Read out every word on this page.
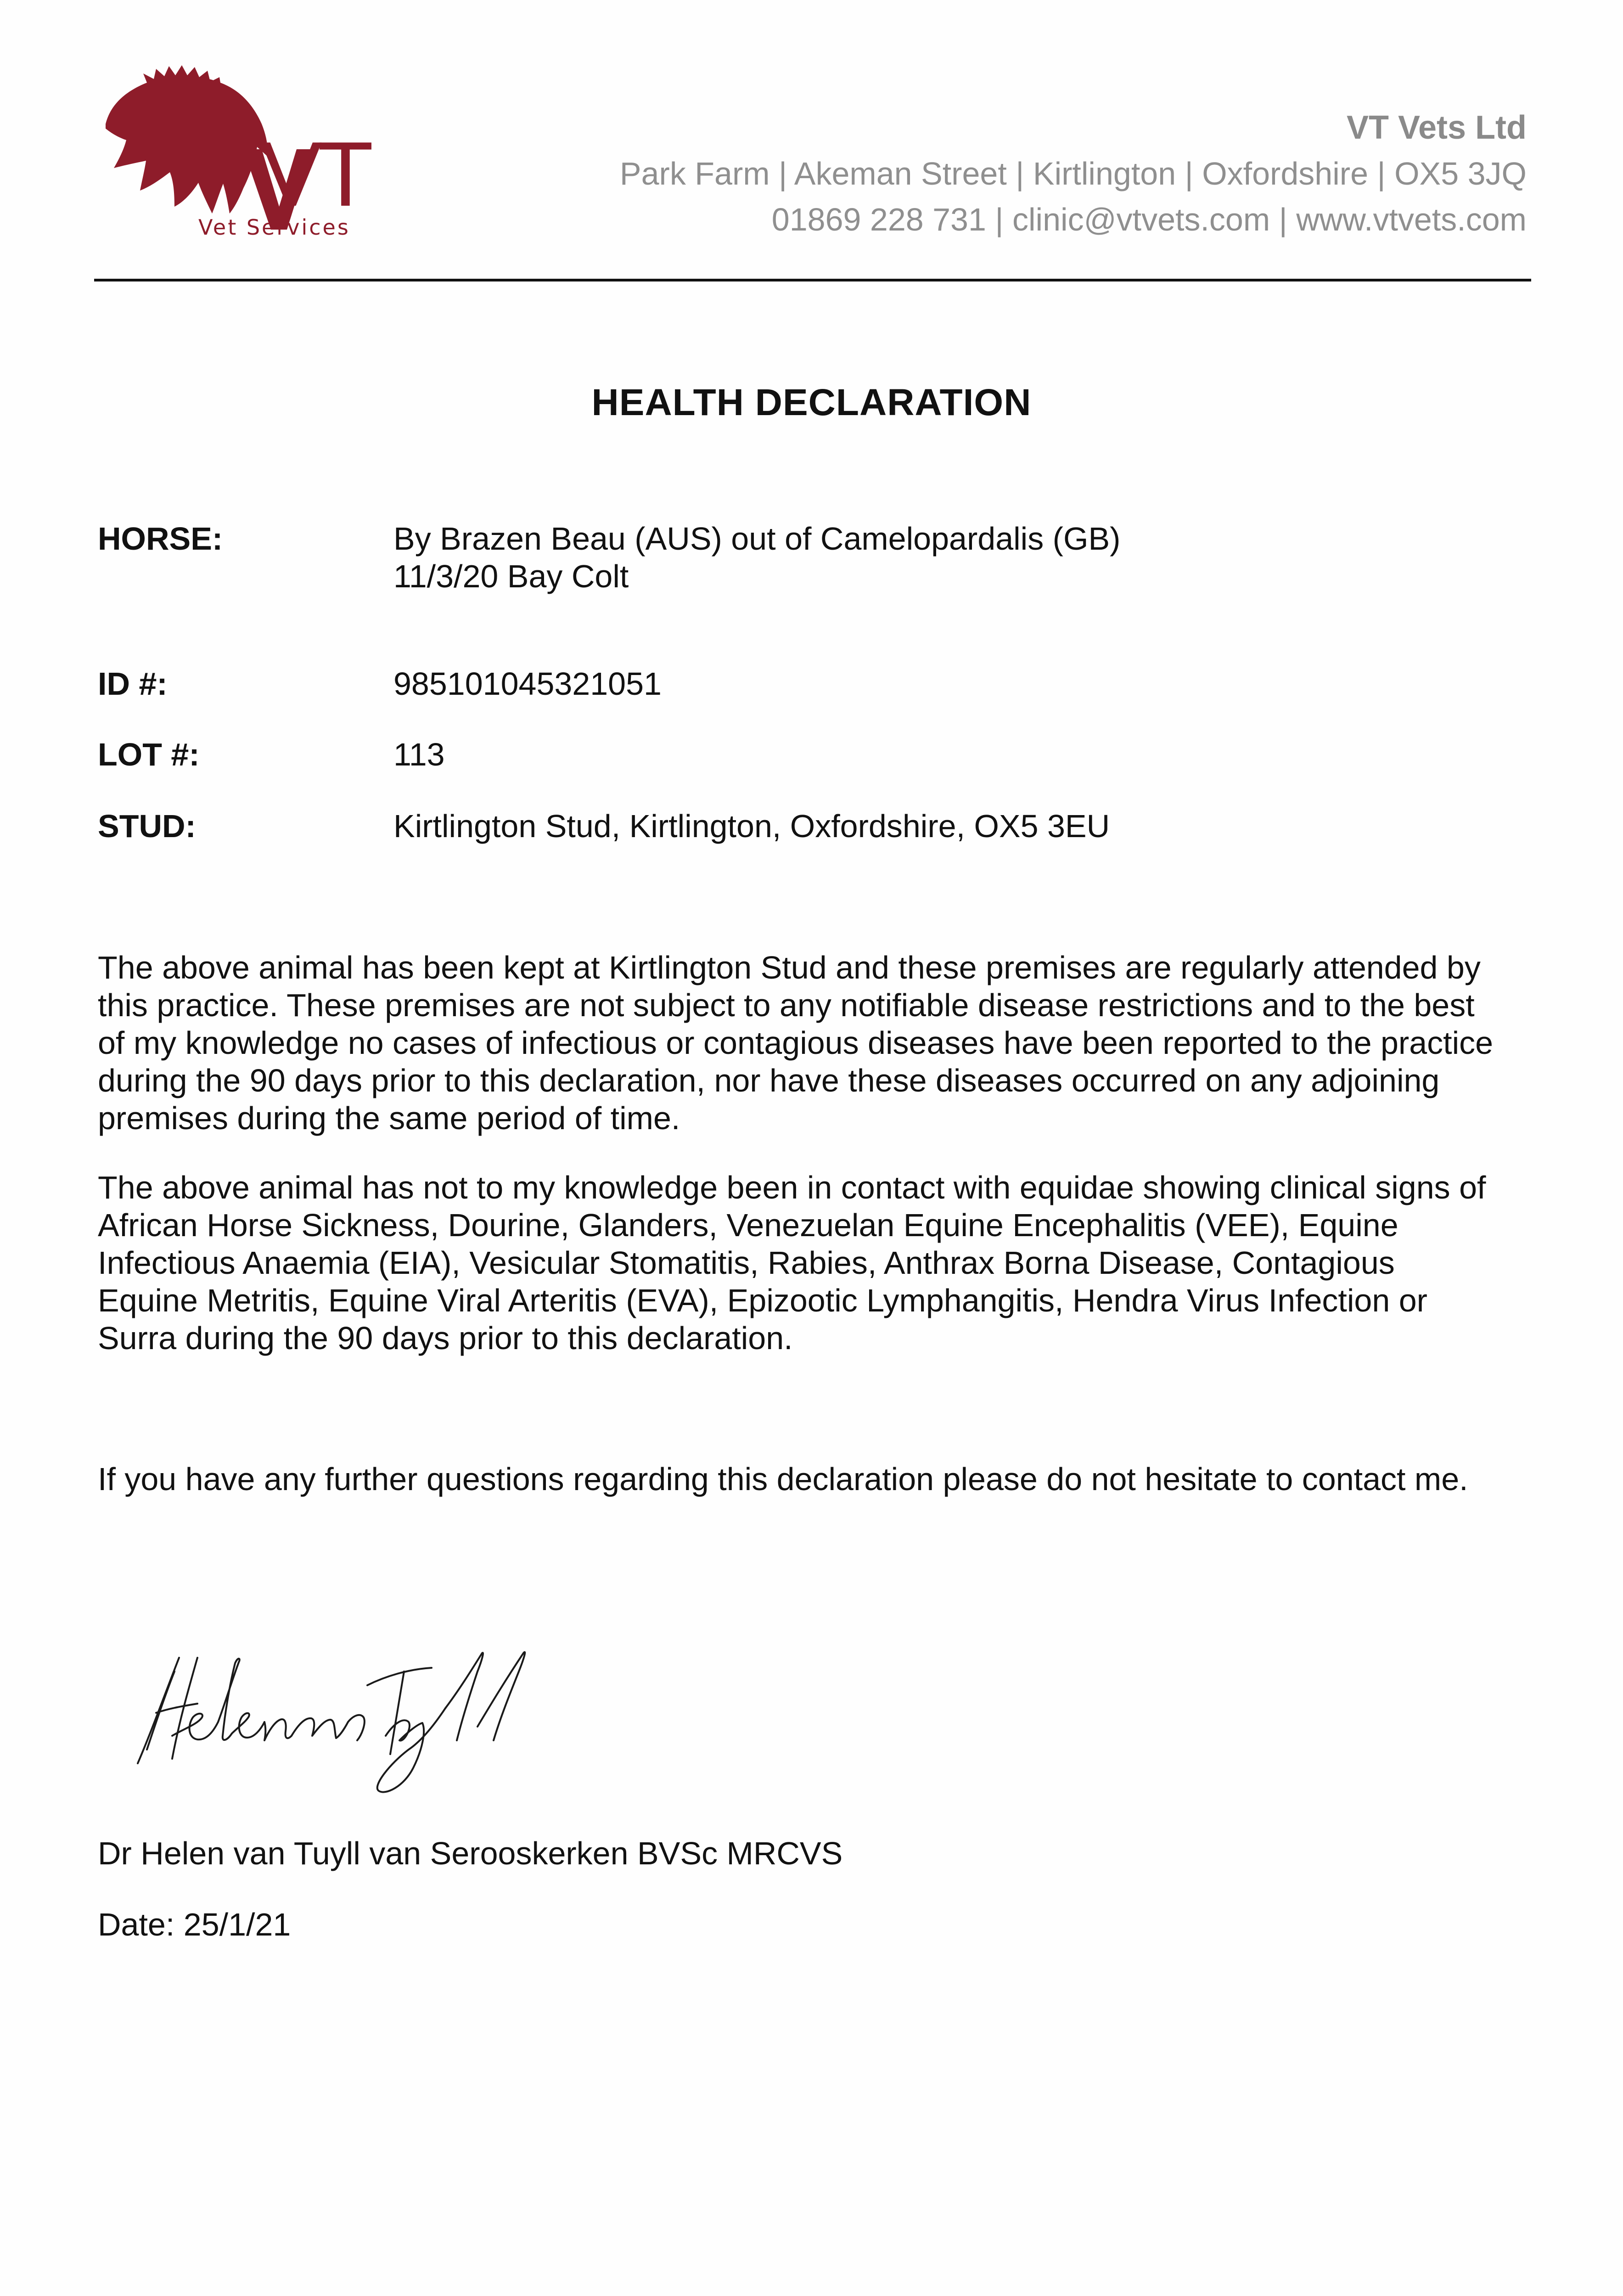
VT
Vet Services
VT Vets Ltd
Park Farm | Akeman Street | Kirtlington | Oxfordshire | OX5 3JQ
01869 228 731 | clinic@vtvets.com | www.vtvets.com
HEALTH DECLARATION
HORSE:	By Brazen Beau (AUS) out of Camelopardalis (GB)
11/3/20 Bay Colt
ID #:	985101045321051
LOT #:	113
STUD:	Kirtlington Stud, Kirtlington, Oxfordshire, OX5 3EU
The above animal has been kept at Kirtlington Stud and these premises are regularly attended by
this practice. These premises are not subject to any notifiable disease restrictions and to the best
of my knowledge no cases of infectious or contagious diseases have been reported to the practice
during the 90 days prior to this declaration, nor have these diseases occurred on any adjoining
premises during the same period of time.
The above animal has not to my knowledge been in contact with equidae showing clinical signs of
African Horse Sickness, Dourine, Glanders, Venezuelan Equine Encephalitis (VEE), Equine
Infectious Anaemia (EIA), Vesicular Stomatitis, Rabies, Anthrax Borna Disease, Contagious
Equine Metritis, Equine Viral Arteritis (EVA), Epizootic Lymphangitis, Hendra Virus Infection or
Surra during the 90 days prior to this declaration.
If you have any further questions regarding this declaration please do not hesitate to contact me.
Dr Helen van Tuyll van Serooskerken BVSc MRCVS
Date: 25/1/21
